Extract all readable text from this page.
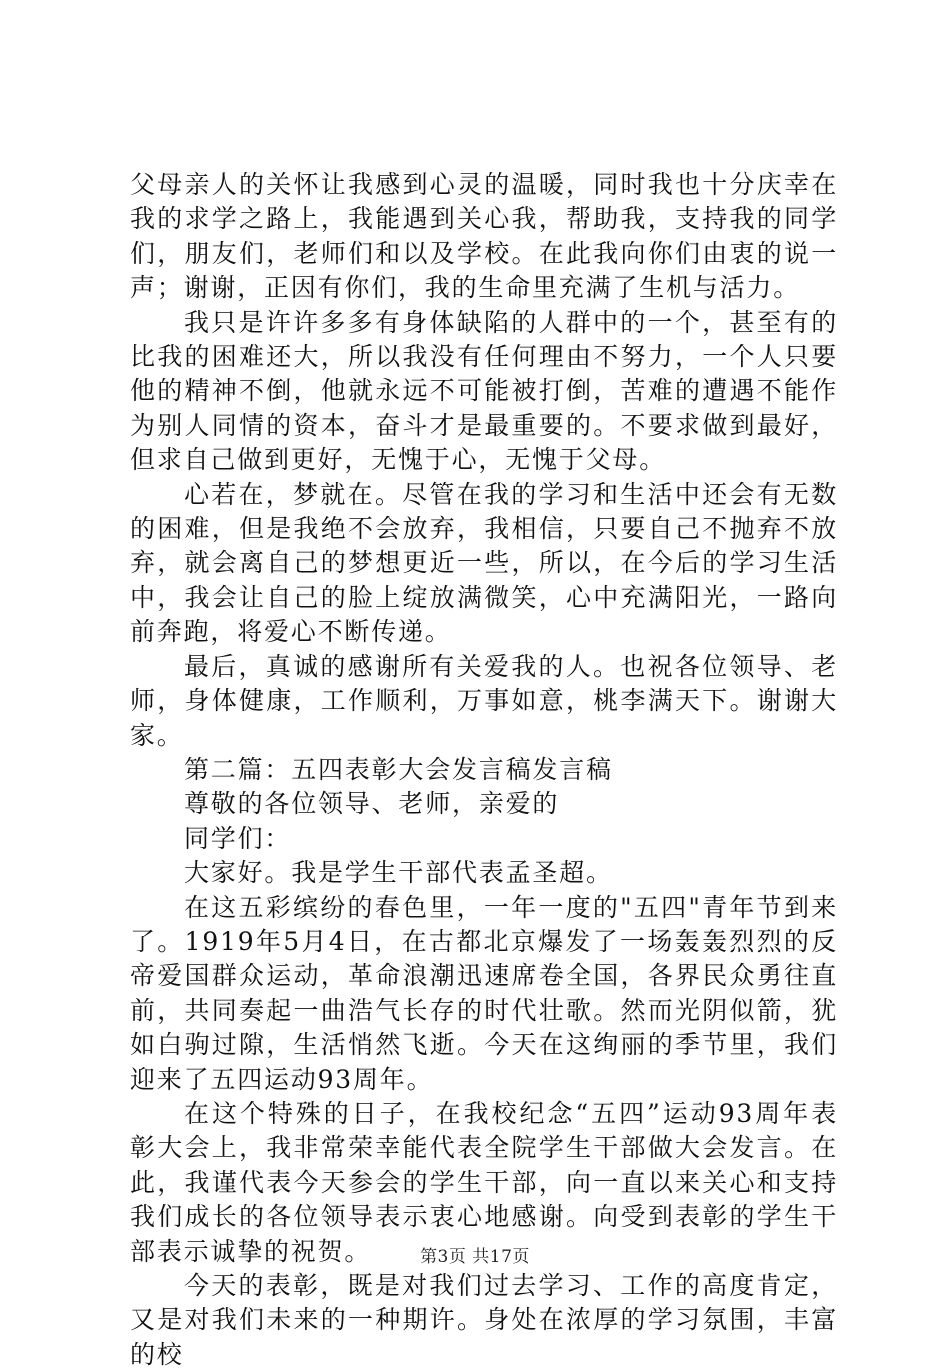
父母亲人的关怀让我感到心灵的温暖，同时我也十分庆幸在我的求学之路上，我能遇到关心我，帮助我，支持我的同学们，朋友们，老师们和以及学校。在此我向你们由衷的说一声；谢谢，正因有你们，我的生命里充满了生机与活力。

我只是许许多多有身体缺陷的人群中的一个，甚至有的比我的困难还大，所以我没有任何理由不努力，一个人只要他的精神不倒，他就永远不可能被打倒，苦难的遭遇不能作为别人同情的资本，奋斗才是最重要的。不要求做到最好，但求自己做到更好，无愧于心，无愧于父母。

心若在，梦就在。尽管在我的学习和生活中还会有无数的困难，但是我绝不会放弃，我相信，只要自己不抛弃不放弃，就会离自己的梦想更近一些，所以，在今后的学习生活中，我会让自己的脸上绽放满微笑，心中充满阳光，一路向前奔跑，将爱心不断传递。

最后，真诚的感谢所有关爱我的人。也祝各位领导、老师，身体健康，工作顺利，万事如意，桃李满天下。谢谢大家。

第二篇：五四表彰大会发言稿发言稿

尊敬的各位领导、老师，亲爱的

同学们：

大家好。我是学生干部代表孟圣超。

在这五彩缤纷的春色里，一年一度的"五四"青年节到来了。1919年5月4日，在古都北京爆发了一场轰轰烈烈的反帝爱国群众运动，革命浪潮迅速席卷全国，各界民众勇往直前，共同奏起一曲浩气长存的时代壮歌。然而光阴似箭，犹如白驹过隙，生活悄然飞逝。今天在这绚丽的季节里，我们迎来了五四运动93周年。

在这个特殊的日子，在我校纪念“五四”运动93周年表彰大会上，我非常荣幸能代表全院学生干部做大会发言。在此，我谨代表今天参会的学生干部，向一直以来关心和支持我们成长的各位领导表示衷心地感谢。向受到表彰的学生干部表示诚挚的祝贺。

今天的表彰，既是对我们过去学习、工作的高度肯定，又是对我们未来的一种期许。身处在浓厚的学习氛围，丰富的校

第3页 共17页
